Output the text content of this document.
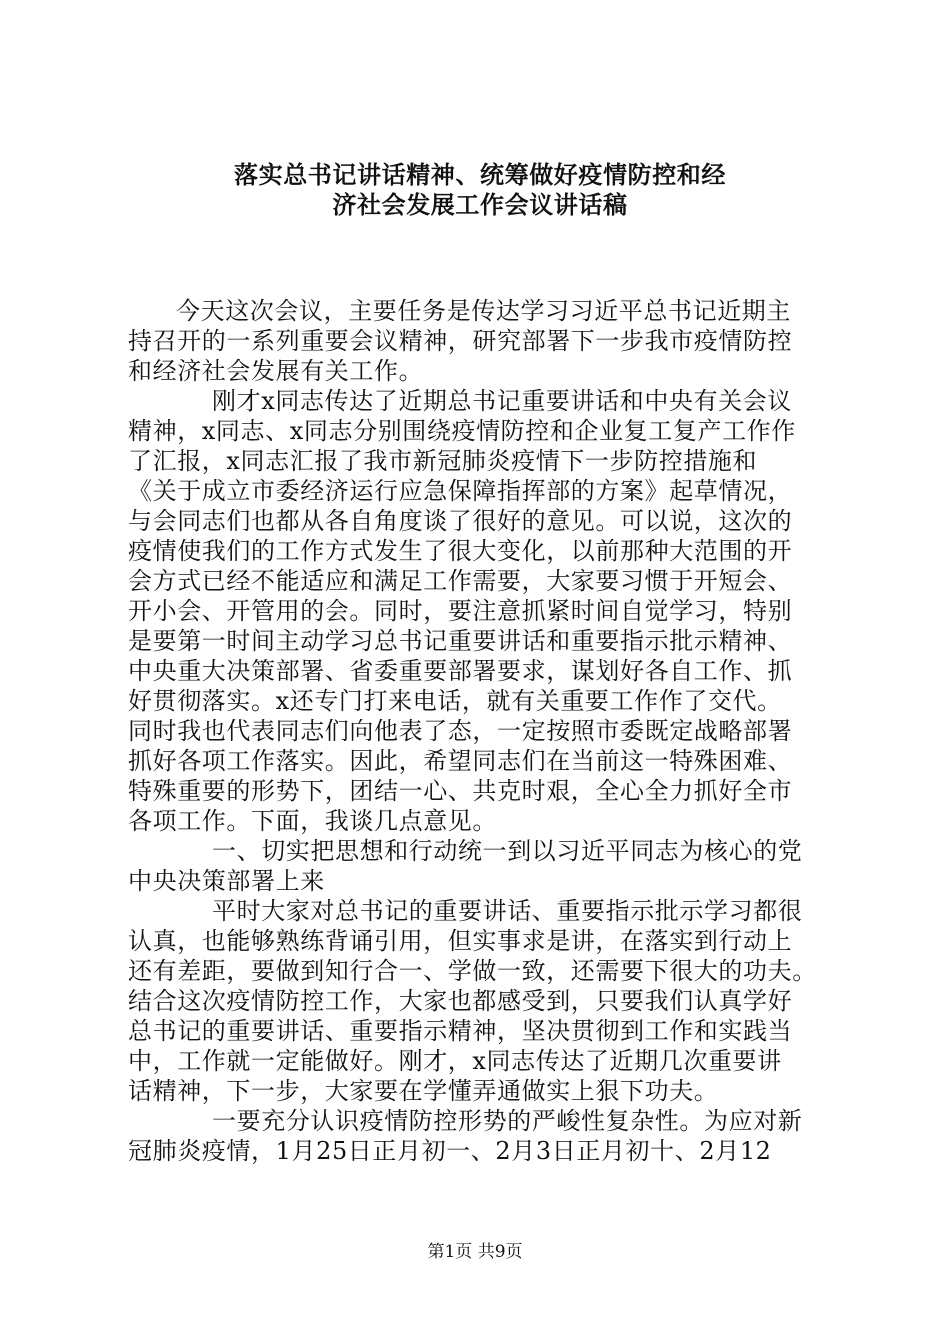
落实总书记讲话精神、统筹做好疫情防控和经
济社会发展工作会议讲话稿
今天这次会议，主要任务是传达学习习近平总书记近期主
持召开的一系列重要会议精神，研究部署下一步我市疫情防控
和经济社会发展有关工作。
刚才x同志传达了近期总书记重要讲话和中央有关会议
精神，x同志、x同志分别围绕疫情防控和企业复工复产工作作
了汇报，x同志汇报了我市新冠肺炎疫情下一步防控措施和
《关于成立市委经济运行应急保障指挥部的方案》起草情况，
与会同志们也都从各自角度谈了很好的意见。可以说，这次的
疫情使我们的工作方式发生了很大变化，以前那种大范围的开
会方式已经不能适应和满足工作需要，大家要习惯于开短会、
开小会、开管用的会。同时，要注意抓紧时间自觉学习，特别
是要第一时间主动学习总书记重要讲话和重要指示批示精神、
中央重大决策部署、省委重要部署要求，谋划好各自工作、抓
好贯彻落实。x还专门打来电话，就有关重要工作作了交代。
同时我也代表同志们向他表了态，一定按照市委既定战略部署
抓好各项工作落实。因此，希望同志们在当前这一特殊困难、
特殊重要的形势下，团结一心、共克时艰，全心全力抓好全市
各项工作。下面，我谈几点意见。
一、切实把思想和行动统一到以习近平同志为核心的党
中央决策部署上来
平时大家对总书记的重要讲话、重要指示批示学习都很
认真，也能够熟练背诵引用，但实事求是讲，在落实到行动上
还有差距，要做到知行合一、学做一致，还需要下很大的功夫。
结合这次疫情防控工作，大家也都感受到，只要我们认真学好
总书记的重要讲话、重要指示精神，坚决贯彻到工作和实践当
中，工作就一定能做好。刚才，x同志传达了近期几次重要讲
话精神，下一步，大家要在学懂弄通做实上狠下功夫。
一要充分认识疫情防控形势的严峻性复杂性。为应对新
冠肺炎疫情，1月25日正月初一、2月3日正月初十、2月12
第1页 共9页
